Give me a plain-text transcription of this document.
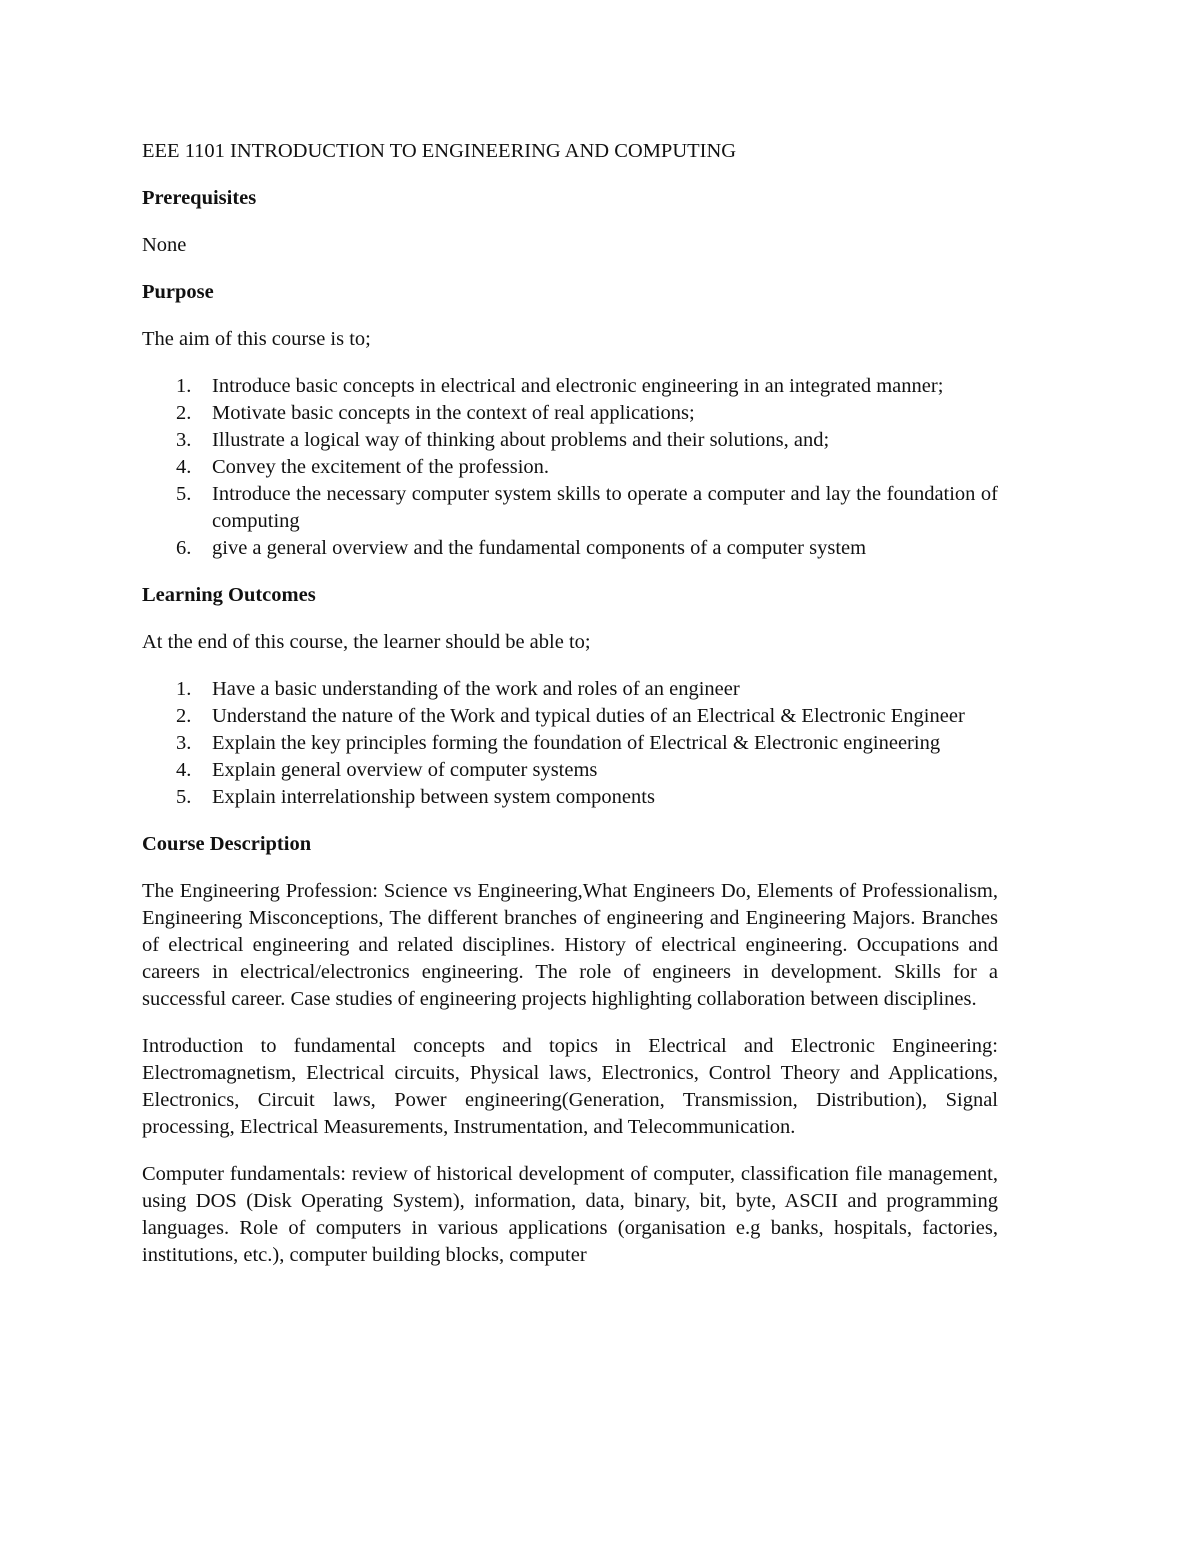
EEE 1101 INTRODUCTION TO ENGINEERING AND COMPUTING
Prerequisites

None

Purpose

The aim of this course is to;

1. Introduce basic concepts in electrical and electronic engineering in an integrated manner;
2. Motivate basic concepts in the context of real applications;
3. Illustrate a logical way of thinking about problems and their solutions, and;
4. Convey the excitement of the profession.
5. Introduce the necessary computer system skills to operate a computer and lay the foundation of computing
6. give a general overview and the fundamental components of a computer system
Learning Outcomes

At the end of this course, the learner should be able to;

1. Have a basic understanding of the work and roles of an engineer
2. Understand the nature of the Work and typical duties of an Electrical & Electronic Engineer
3. Explain the key principles forming the foundation of Electrical & Electronic engineering
4. Explain general overview of computer systems
5. Explain interrelationship between system components
Course Description

The Engineering Profession: Science vs Engineering,What Engineers Do, Elements of Professionalism, Engineering Misconceptions, The different branches of engineering and Engineering Majors. Branches of electrical engineering and related disciplines. History of electrical engineering. Occupations and careers in electrical/electronics engineering. The role of engineers in development. Skills for a successful career. Case studies of engineering projects highlighting collaboration between disciplines.

Introduction to fundamental concepts and topics in Electrical and Electronic Engineering: Electromagnetism, Electrical circuits, Physical laws, Electronics, Control Theory and Applications, Electronics, Circuit laws, Power engineering(Generation, Transmission, Distribution), Signal processing, Electrical Measurements, Instrumentation, and Telecommunication.

Computer fundamentals: review of historical development of computer, classification file management, using DOS (Disk Operating System), information, data, binary, bit, byte, ASCII and programming languages. Role of computers in various applications (organisation e.g banks, hospitals, factories, institutions, etc.), computer building blocks, computer
